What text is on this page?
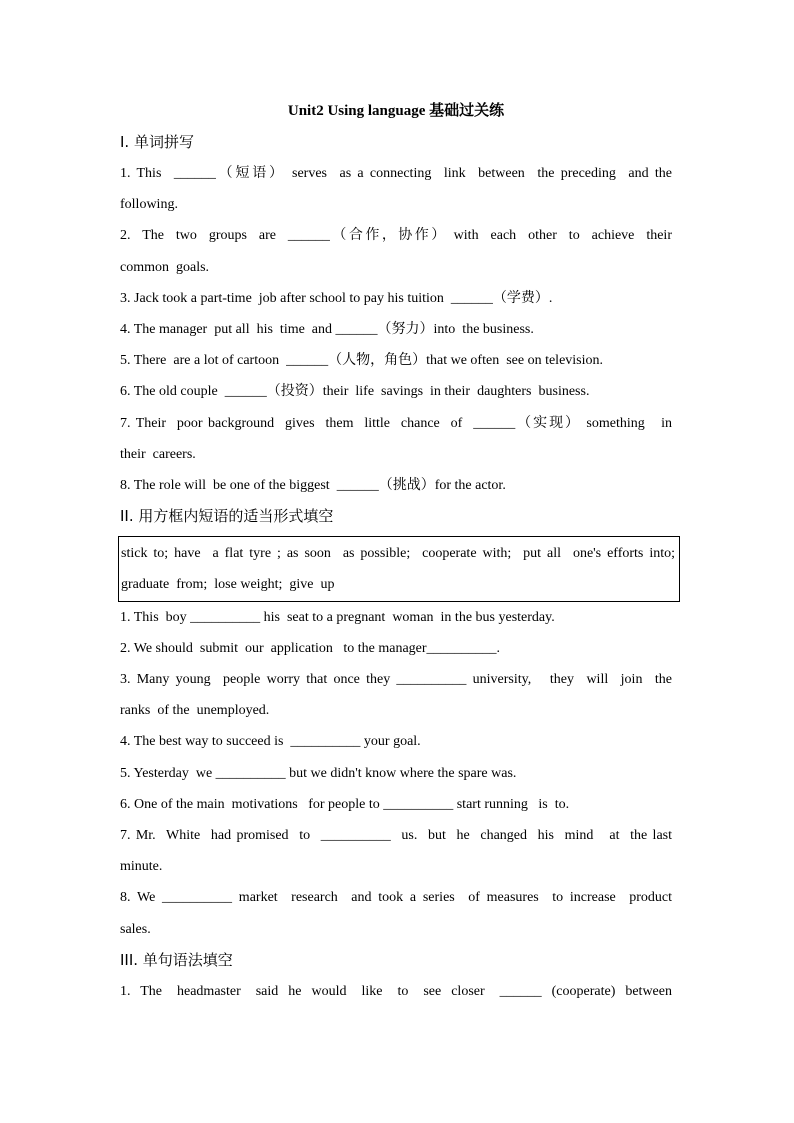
Unit2 Using language 基础过关练

I. 单词拼写

1. This  ______（短语） serves  as a connecting  link  between  the preceding  and the

following.

2.  The  two  groups  are  ______（合作，协作） with  each  other  to  achieve  their

common  goals.

3. Jack took a part-time  job after school to pay his tuition  ______（学费）.

4. The manager  put all  his  time  and ______（努力）into  the business.

5. There  are a lot of cartoon  ______（人物，角色）that we often  see on television.

6. The old couple  ______（投资）their  life  savings  in their  daughters  business.

7. Their  poor background  gives  them  little  chance  of  ______（实现） something   in

their  careers.

8. The role will  be one of the biggest  ______（挑战）for the actor.

II. 用方框内短语的适当形式填空

stick to; have  a flat tyre ; as soon  as possible;  cooperate with;  put all  one's efforts into;

graduate  from;  lose weight;  give  up

1. This  boy __________ his  seat to a pregnant  woman  in the bus yesterday.

2. We should  submit  our  application   to the manager__________.

3. Many young  people worry that once they __________ university,   they  will  join  the

ranks  of the  unemployed.

4. The best way to succeed is  __________ your goal.

5. Yesterday  we __________ but we didn't know where the spare was.

6. One of the main  motivations   for people to __________ start running   is  to.

7. Mr.  White  had promised  to  __________  us.  but  he  changed  his  mind   at  the last

minute.

8. We __________ market  research  and took a series  of measures  to increase  product

sales.

III. 单句语法填空

1.  The   headmaster   said  he  would   like   to   see  closer   ______  (cooperate)  between
